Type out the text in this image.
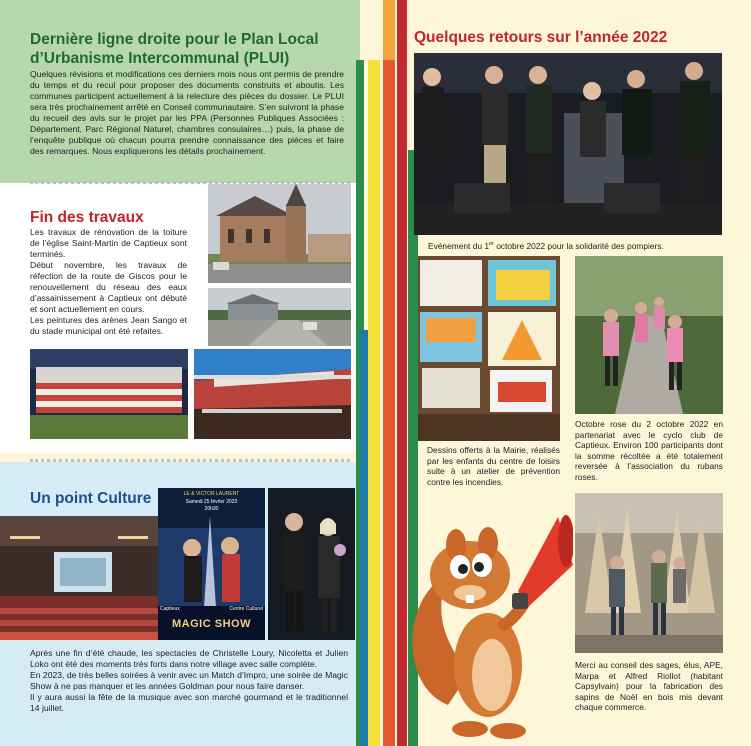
Dernière ligne droite pour le Plan Local
d’Urbanisme Intercommunal (PLUI)

Quelques révisions et modifications ces derniers mois nous ont permis de prendre du temps et du recul pour proposer des documents construits et aboutis. Les communes participent actuellement à la relecture des pièces du dossier. Le PLUI sera très prochainement arrêté en Conseil communautaire. S’en suivront la phase du recueil des avis sur le projet par les PPA (Personnes Publiques Associées : Département, Parc Régional Naturel, chambres consulaires…) puis, la phase de l’enquête publique où chacun pourra prendre connaissance des pièces et faire des remarques. Nous expliquerons les détails prochainement.

Fin des travaux

Les travaux de rénovation de la toiture de l’église Saint-Martin de Captieux sont terminés.

Début novembre, les travaux de réfection de la route de Giscos pour le renouvellement du réseau des eaux d’assainissement à Captieux ont débuté et sont actuellement en cours.

Les peintures des arènes Jean Sango et du stade municipal ont été refaites.

Un point Culture	LE & VICTOR LAURENT
Samedi 25 février 2023
20h30
Captieux	Centre Culturel
MAGIC SHOW

Après une fin d’été chaude, les spectacles de Christelle Loury, Nicoletta et Julien Loko ont été des moments très forts dans notre village avec salle complète.

En 2023, de très belles soirées à venir avec un Match d’Impro, une soirée de Magic Show à ne pas manquer et les années Goldman pour nous faire danser.

Il y aura aussi la fête de la musique avec son marché gourmand et le traditionnel 14 juillet.

Quelques retours sur l’année 2022
Evénement du 1er octobre 2022 pour la solidarité des pompiers.
Dessins offerts à la Mairie, réalisés par les enfants du centre de loisirs suite à un atelier de prévention contre les incendies.
Octobre rose du 2 octobre 2022 en partenariat avec le cyclo club de Captieux. Environ 100 participants dont la somme récoltée a été totalement reversée à l’association du rubans roses.
Merci au conseil des sages, élus, APE, Marpa et Alfred Riollot (habitant Capsylvain) pour la fabrication des sapins de Noël en bois mis devant chaque commerce.
